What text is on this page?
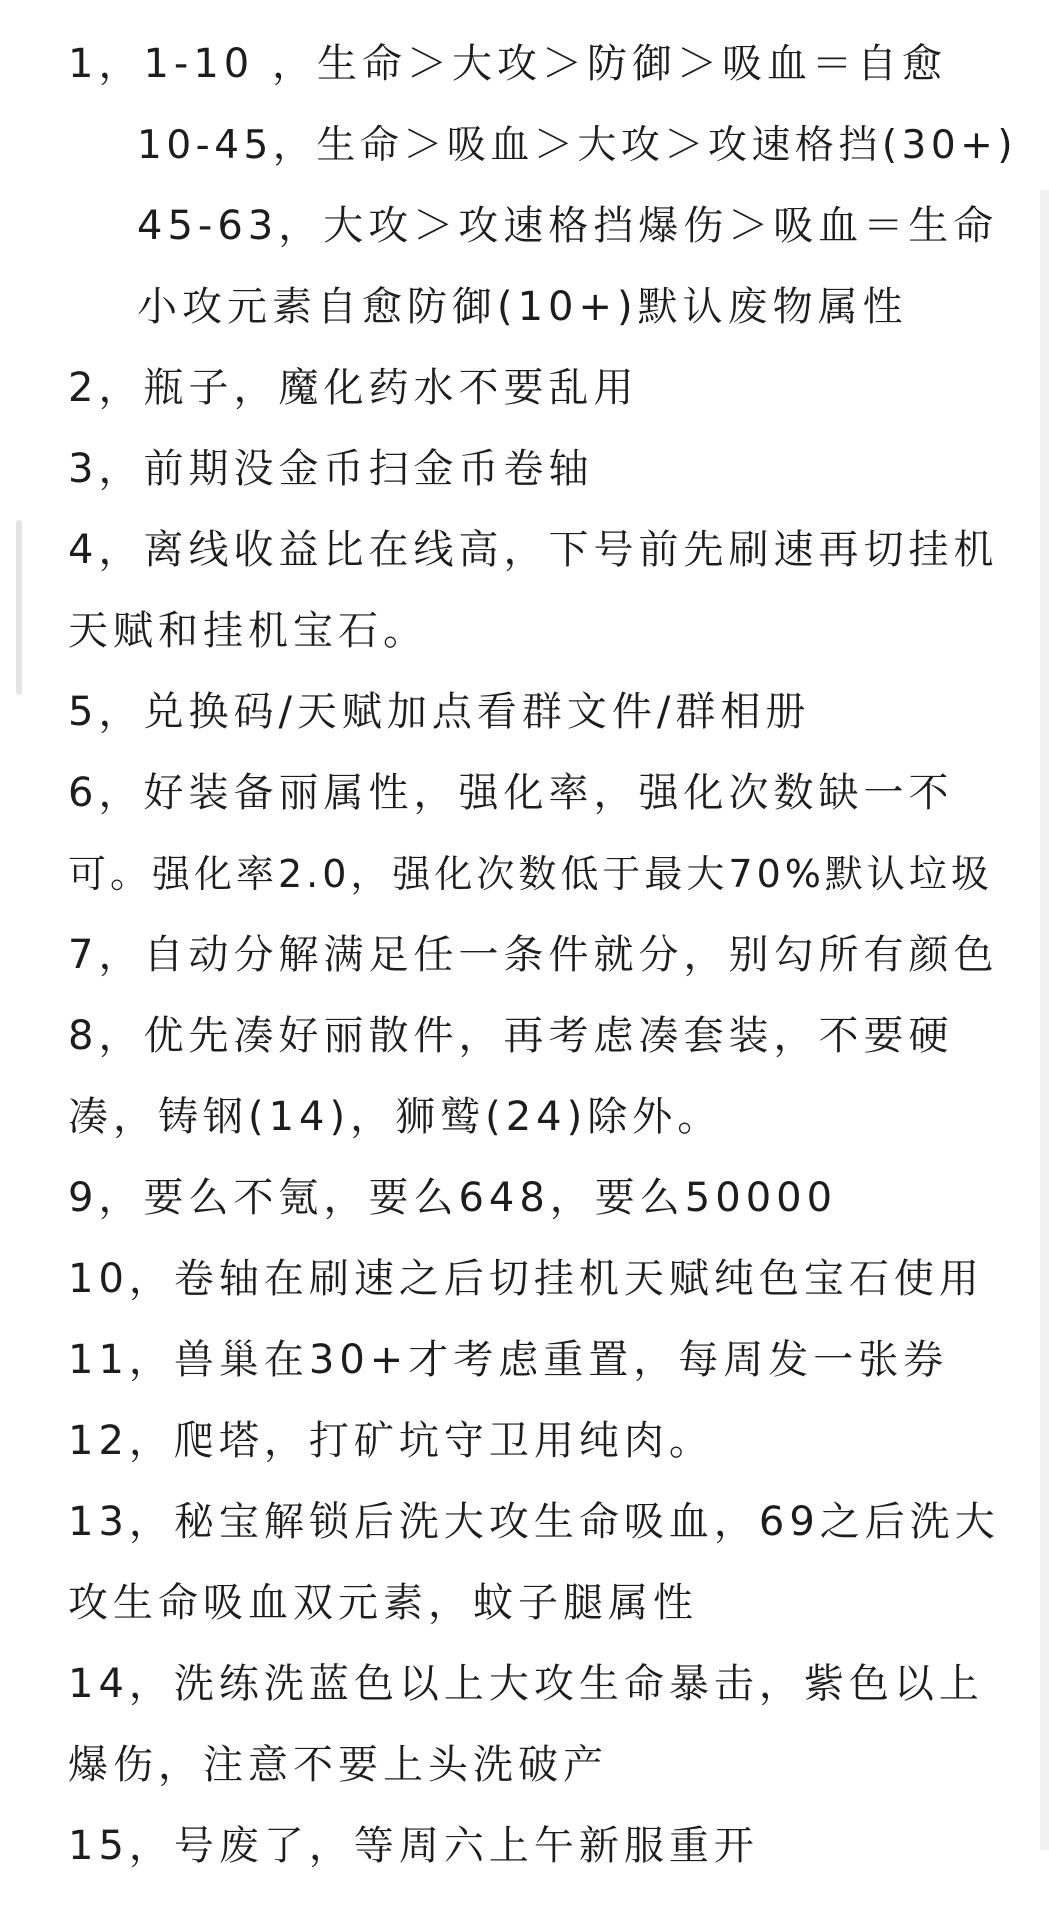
1，1-10 ，生命＞大攻＞防御＞吸血＝自愈
10-45，生命＞吸血＞大攻＞攻速格挡(30+)
45-63，大攻＞攻速格挡爆伤＞吸血＝生命
小攻元素自愈防御(10+)默认废物属性
2，瓶子，魔化药水不要乱用
3，前期没金币扫金币卷轴
4，离线收益比在线高，下号前先刷速再切挂机
天赋和挂机宝石。
5，兑换码/天赋加点看群文件/群相册
6，好装备丽属性，强化率，强化次数缺一不
可。强化率2.0，强化次数低于最大70%默认垃圾
7，自动分解满足任一条件就分，别勾所有颜色
8，优先凑好丽散件，再考虑凑套装，不要硬
凑，铸钢(14)，狮鹫(24)除外。
9，要么不氪，要么648，要么50000
10，卷轴在刷速之后切挂机天赋纯色宝石使用
11，兽巢在30+才考虑重置，每周发一张券
12，爬塔，打矿坑守卫用纯肉。
13，秘宝解锁后洗大攻生命吸血，69之后洗大
攻生命吸血双元素，蚊子腿属性
14，洗练洗蓝色以上大攻生命暴击，紫色以上
爆伤，注意不要上头洗破产
15，号废了，等周六上午新服重开
